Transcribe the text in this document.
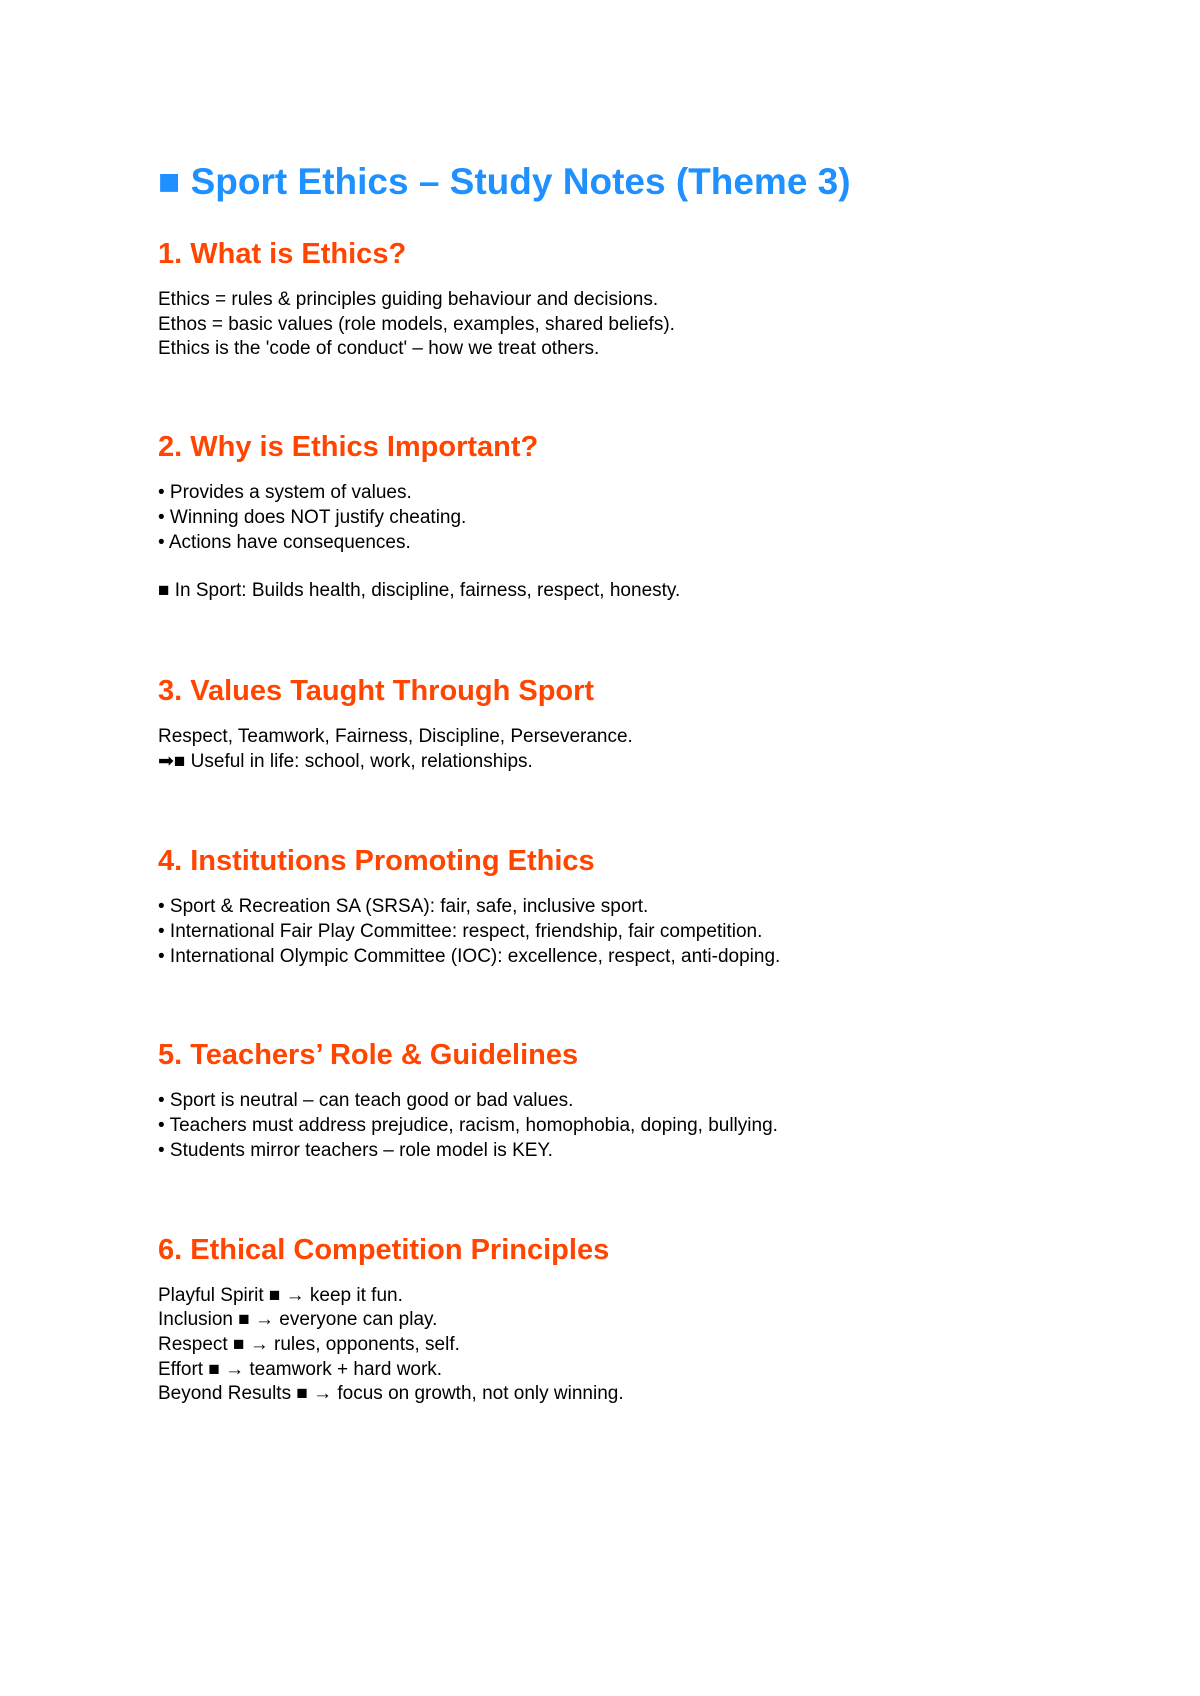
■ Sport Ethics – Study Notes (Theme 3)
1. What is Ethics?

Ethics = rules & principles guiding behaviour and decisions.

Ethos = basic values (role models, examples, shared beliefs).

Ethics is the 'code of conduct' – how we treat others.

2. Why is Ethics Important?

• Provides a system of values.

• Winning does NOT justify cheating.

• Actions have consequences.

■ In Sport: Builds health, discipline, fairness, respect, honesty.

3. Values Taught Through Sport

Respect, Teamwork, Fairness, Discipline, Perseverance.

➡■ Useful in life: school, work, relationships.

4. Institutions Promoting Ethics

• Sport & Recreation SA (SRSA): fair, safe, inclusive sport.

• International Fair Play Committee: respect, friendship, fair competition.

• International Olympic Committee (IOC): excellence, respect, anti-doping.

5. Teachers’ Role & Guidelines

• Sport is neutral – can teach good or bad values.

• Teachers must address prejudice, racism, homophobia, doping, bullying.

• Students mirror teachers – role model is KEY.

6. Ethical Competition Principles

Playful Spirit ■ → keep it fun.

Inclusion ■ → everyone can play.

Respect ■ → rules, opponents, self.

Effort ■ → teamwork + hard work.

Beyond Results ■ → focus on growth, not only winning.
